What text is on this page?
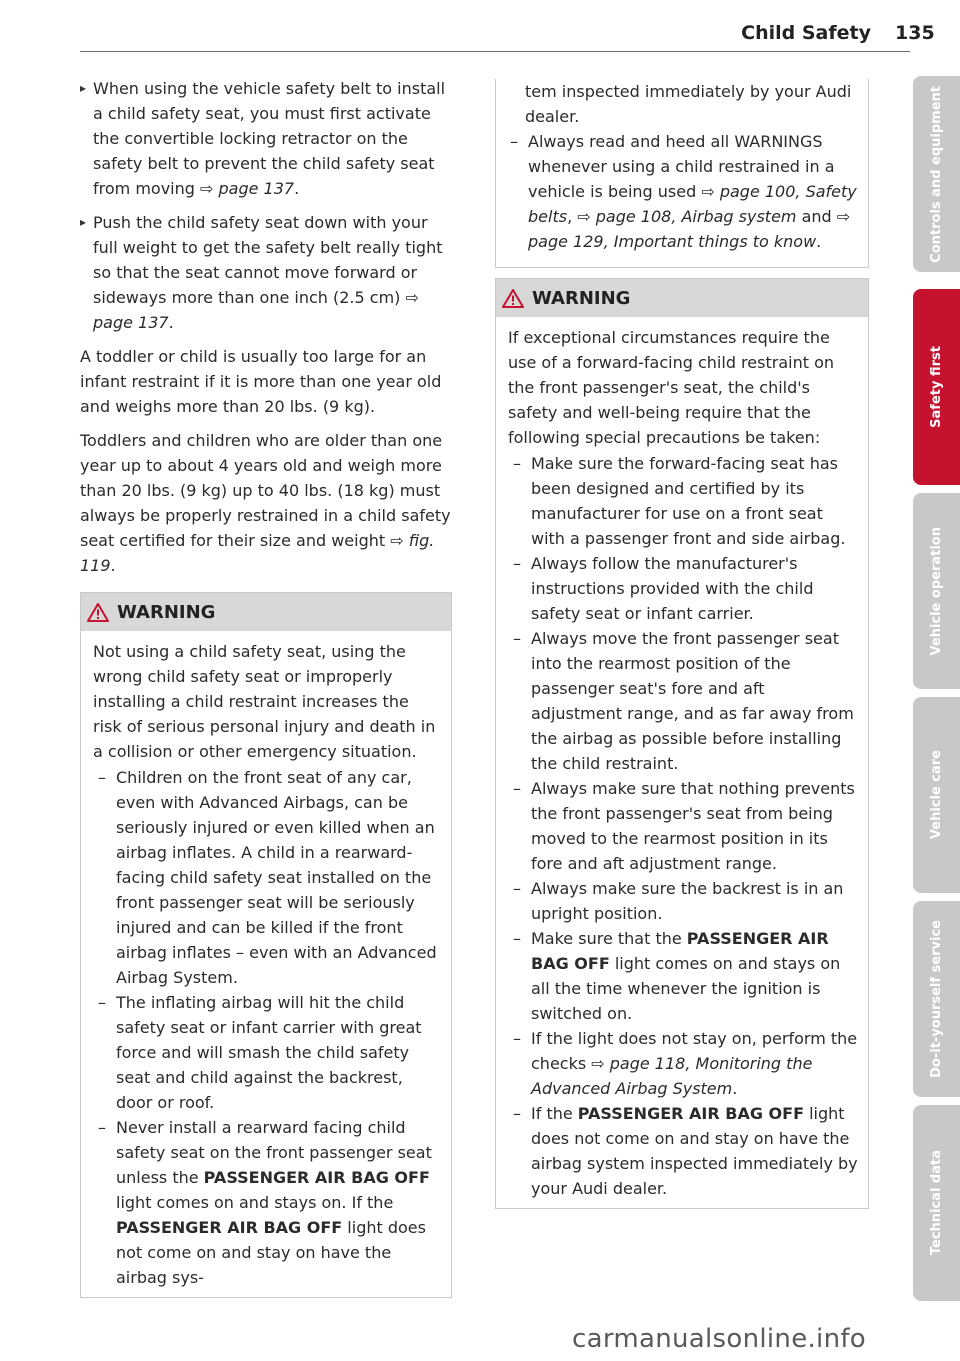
Child Safety 135

▸ When using the vehicle safety belt to install a child safety seat, you must first activate the convertible locking retractor on the safety belt to prevent the child safety seat from moving ⇨ page 137.

▸ Push the child safety seat down with your full weight to get the safety belt really tight so that the seat cannot move forward or sideways more than one inch (2.5 cm) ⇨ page 137.

A toddler or child is usually too large for an infant restraint if it is more than one year old and weighs more than 20 lbs. (9 kg).

Toddlers and children who are older than one year up to about 4 years old and weigh more than 20 lbs. (9 kg) up to 40 lbs. (18 kg) must always be properly restrained in a child safety seat certified for their size and weight ⇨ fig. 119.

WARNING

Not using a child safety seat, using the wrong child safety seat or improperly installing a child restraint increases the risk of serious personal injury and death in a collision or other emergency situation.

– Children on the front seat of any car, even with Advanced Airbags, can be seriously injured or even killed when an airbag inflates. A child in a rearward-facing child safety seat installed on the front passenger seat will be seriously injured and can be killed if the front airbag inflates – even with an Advanced Airbag System.

– The inflating airbag will hit the child safety seat or infant carrier with great force and will smash the child safety seat and child against the backrest, door or roof.

– Never install a rearward facing child safety seat on the front passenger seat unless the PASSENGER AIR BAG OFF light comes on and stays on. If the PASSENGER AIR BAG OFF light does not come on and stay on have the airbag sys-

tem inspected immediately by your Audi dealer.

– Always read and heed all WARNINGS whenever using a child restrained in a vehicle is being used ⇨ page 100, Safety belts, ⇨ page 108, Airbag system and ⇨ page 129, Important things to know.

WARNING

If exceptional circumstances require the use of a forward-facing child restraint on the front passenger's seat, the child's safety and well-being require that the following special precautions be taken:

– Make sure the forward-facing seat has been designed and certified by its manufacturer for use on a front seat with a passenger front and side airbag.

– Always follow the manufacturer's instructions provided with the child safety seat or infant carrier.

– Always move the front passenger seat into the rearmost position of the passenger seat's fore and aft adjustment range, and as far away from the airbag as possible before installing the child restraint.

– Always make sure that nothing prevents the front passenger's seat from being moved to the rearmost position in its fore and aft adjustment range.

– Always make sure the backrest is in an upright position.

– Make sure that the PASSENGER AIR BAG OFF light comes on and stays on all the time whenever the ignition is switched on.

– If the light does not stay on, perform the checks ⇨ page 118, Monitoring the Advanced Airbag System.

– If the PASSENGER AIR BAG OFF light does not come on and stay on have the airbag system inspected immediately by your Audi dealer.

Controls and equipment
Safety first
Vehicle operation
Vehicle care
Do-it-yourself service
Technical data
carmanualsonline.info
